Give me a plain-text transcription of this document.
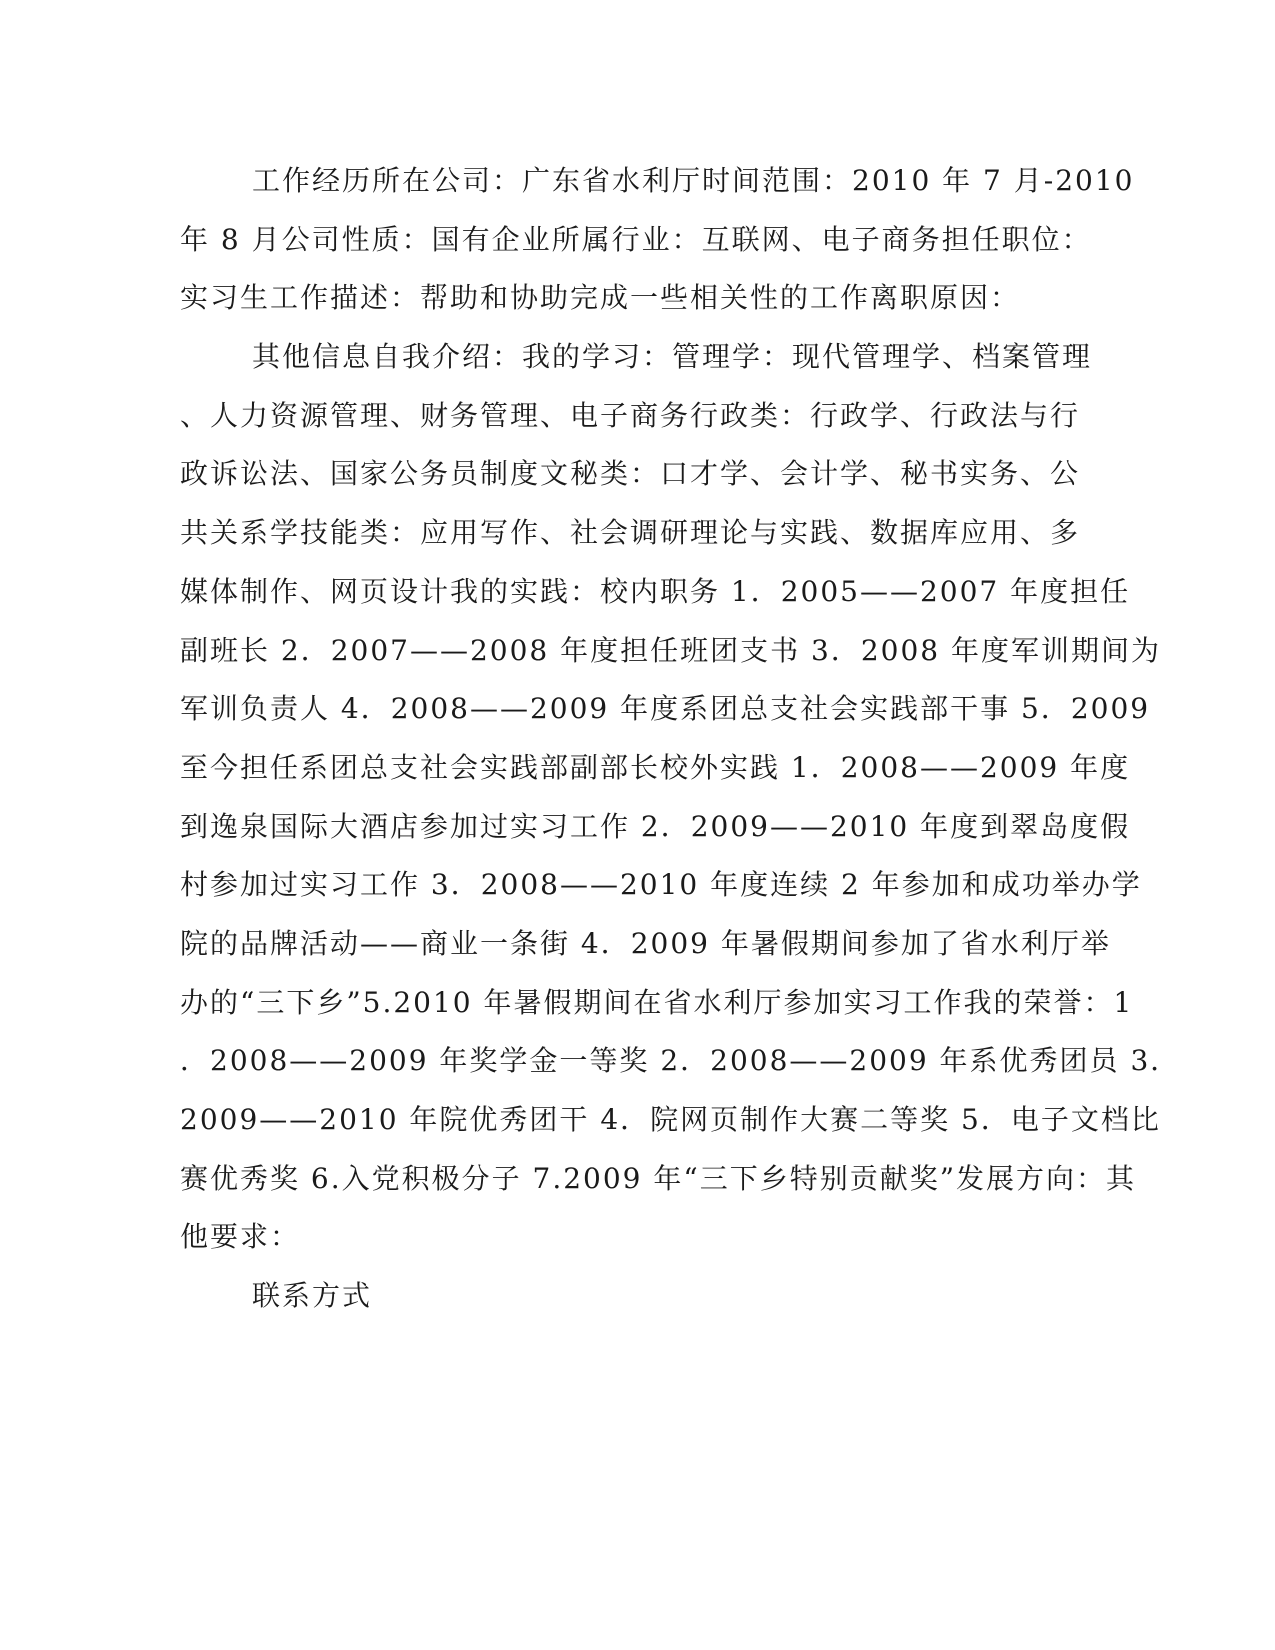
工作经历所在公司：广东省水利厅时间范围：2010 年 7 月-2010
年 8 月公司性质：国有企业所属行业：互联网、电子商务担任职位：
实习生工作描述：帮助和协助完成一些相关性的工作离职原因：
其他信息自我介绍：我的学习：管理学：现代管理学、档案管理
、人力资源管理、财务管理、电子商务行政类：行政学、行政法与行
政诉讼法、国家公务员制度文秘类：口才学、会计学、秘书实务、公
共关系学技能类：应用写作、社会调研理论与实践、数据库应用、多
媒体制作、网页设计我的实践：校内职务 1．2005——2007 年度担任
副班长 2．2007——2008 年度担任班团支书 3．2008 年度军训期间为
军训负责人 4．2008——2009 年度系团总支社会实践部干事 5．2009
至今担任系团总支社会实践部副部长校外实践 1．2008——2009 年度
到逸泉国际大酒店参加过实习工作 2．2009——2010 年度到翠岛度假
村参加过实习工作 3．2008——2010 年度连续 2 年参加和成功举办学
院的品牌活动——商业一条街 4．2009 年暑假期间参加了省水利厅举
办的“三下乡”5.2010 年暑假期间在省水利厅参加实习工作我的荣誉：1
．2008——2009 年奖学金一等奖 2．2008——2009 年系优秀团员 3．
2009——2010 年院优秀团干 4．院网页制作大赛二等奖 5．电子文档比
赛优秀奖 6.入党积极分子 7.2009 年“三下乡特别贡献奖”发展方向：其
他要求：
联系方式
